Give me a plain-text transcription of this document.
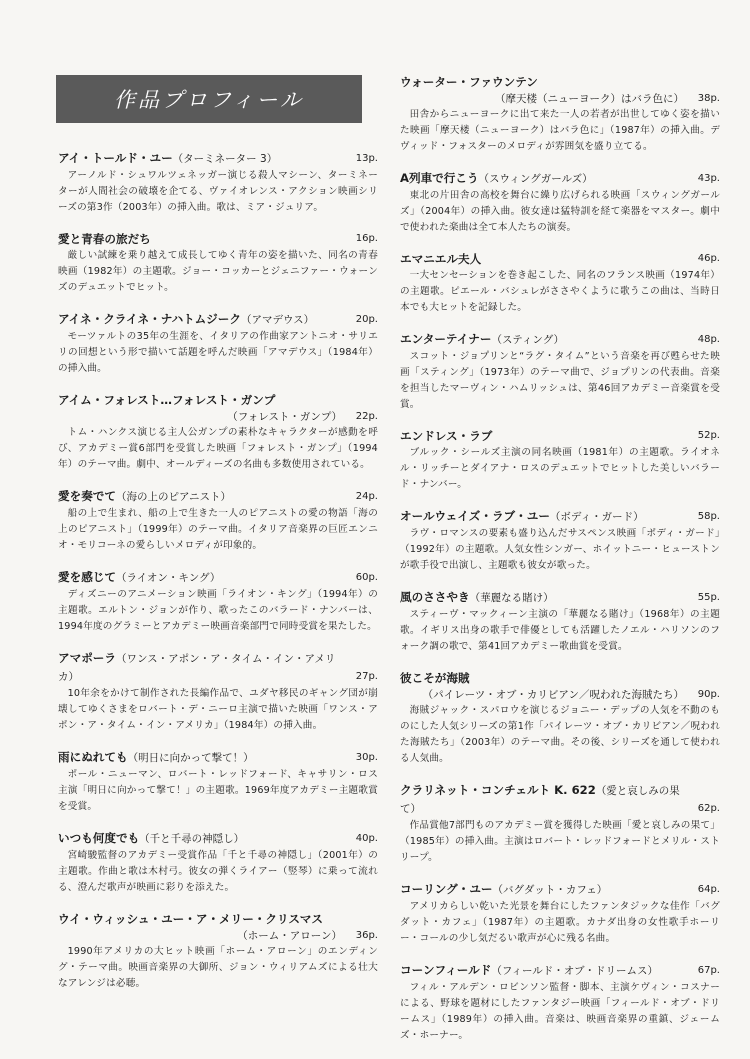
作品プロフィール
アイ・トールド・ユー（ターミネーター 3）	13p.
アーノルド・シュワルツェネッガー演じる殺人マシーン、ターミネーターが人間社会の破壊を企てる、ヴァイオレンス・アクション映画シリーズの第3作（2003年）の挿入曲。歌は、ミア・ジュリア。
愛と青春の旅だち	16p.
厳しい試練を乗り越えて成長してゆく青年の姿を描いた、同名の青春映画（1982年）の主題歌。ジョー・コッカーとジェニファー・ウォーンズのデュエットでヒット。
アイネ・クライネ・ナハトムジーク（アマデウス）	20p.
モーツァルトの35年の生涯を、イタリアの作曲家アントニオ・サリエリの回想という形で描いて話題を呼んだ映画「アマデウス」（1984年）の挿入曲。
アイム・フォレスト…フォレスト・ガンプ
（フォレスト・ガンプ） 22p.
トム・ハンクス演じる主人公ガンプの素朴なキャラクターが感動を呼び、アカデミー賞6部門を受賞した映画「フォレスト・ガンプ」（1994年）のテーマ曲。劇中、オールディーズの名曲も多数使用されている。
愛を奏でて（海の上のピアニスト）	24p.
船の上で生まれ、船の上で生きた一人のピアニストの愛の物語「海の上のピアニスト」（1999年）のテーマ曲。イタリア音楽界の巨匠エンニオ・モリコーネの愛らしいメロディが印象的。
愛を感じて（ライオン・キング）	60p.
ディズニーのアニメーション映画「ライオン・キング」（1994年）の主題歌。エルトン・ジョンが作り、歌ったこのバラード・ナンバーは、1994年度のグラミーとアカデミー映画音楽部門で同時受賞を果たした。
アマポーラ（ワンス・アポン・ア・タイム・イン・アメリカ）	27p.
10年余をかけて制作された長編作品で、ユダヤ移民のギャング団が崩壊してゆくさまをロバート・デ・ニーロ主演で描いた映画「ワンス・アポン・ア・タイム・イン・アメリカ」（1984年）の挿入曲。
雨にぬれても（明日に向かって撃て！）	30p.
ポール・ニューマン、ロバート・レッドフォード、キャサリン・ロス主演「明日に向かって撃て！」の主題歌。1969年度アカデミー主題歌賞を受賞。
いつも何度でも（千と千尋の神隠し）	40p.
宮崎駿監督のアカデミー受賞作品「千と千尋の神隠し」（2001年）の主題歌。作曲と歌は木村弓。彼女の弾くライアー（竪琴）に乗って流れる、澄んだ歌声が映画に彩りを添えた。
ウイ・ウィッシュ・ユー・ア・メリー・クリスマス
（ホーム・アローン） 36p.
1990年アメリカの大ヒット映画「ホーム・アローン」のエンディング・テーマ曲。映画音楽界の大御所、ジョン・ウィリアムズによる壮大なアレンジは必聴。
ウォーター・ファウンテン
（摩天楼（ニューヨーク）はバラ色に） 38p.
田舎からニューヨークに出て来た一人の若者が出世してゆく姿を描いた映画「摩天楼（ニューヨーク）はバラ色に」（1987年）の挿入曲。デヴィッド・フォスターのメロディが雰囲気を盛り立てる。
A列車で行こう（スウィングガールズ）	43p.
東北の片田舎の高校を舞台に繰り広げられる映画「スウィングガールズ」（2004年）の挿入曲。彼女達は猛特訓を経て楽器をマスター。劇中で使われた楽曲は全て本人たちの演奏。
エマニエル夫人	46p.
一大センセーションを巻き起こした、同名のフランス映画（1974年）の主題歌。ピエール・バシュレがささやくように歌うこの曲は、当時日本でも大ヒットを記録した。
エンターテイナー（スティング）	48p.
スコット・ジョプリンと“ラグ・タイム”という音楽を再び甦らせた映画「スティング」（1973年）のテーマ曲で、ジョプリンの代表曲。音楽を担当したマーヴィン・ハムリッシュは、第46回アカデミー音楽賞を受賞。
エンドレス・ラブ	52p.
ブルック・シールズ主演の同名映画（1981年）の主題歌。ライオネル・リッチーとダイアナ・ロスのデュエットでヒットした美しいバラード・ナンバー。
オールウェイズ・ラブ・ユー（ボディ・ガード）	58p.
ラヴ・ロマンスの要素も盛り込んだサスペンス映画「ボディ・ガード」（1992年）の主題歌。人気女性シンガー、ホイットニー・ヒューストンが歌手役で出演し、主題歌も彼女が歌った。
風のささやき（華麗なる賭け）	55p.
スティーヴ・マックィーン主演の「華麗なる賭け」（1968年）の主題歌。イギリス出身の歌手で俳優としても活躍したノエル・ハリソンのフォーク調の歌で、第41回アカデミー歌曲賞を受賞。
彼こそが海賊
（パイレーツ・オブ・カリビアン／呪われた海賊たち） 90p.
海賊ジャック・スパロウを演じるジョニー・デップの人気を不動のものにした人気シリーズの第1作「パイレーツ・オブ・カリビアン／呪われた海賊たち」（2003年）のテーマ曲。その後、シリーズを通して使われる人気曲。
クラリネット・コンチェルト K. 622（愛と哀しみの果て）	62p.
作品賞他7部門ものアカデミー賞を獲得した映画「愛と哀しみの果て」（1985年）の挿入曲。主演はロバート・レッドフォードとメリル・ストリープ。
コーリング・ユー（バグダット・カフェ）	64p.
アメリカらしい乾いた光景を舞台にしたファンタジックな佳作「バグダット・カフェ」（1987年）の主題歌。カナダ出身の女性歌手ホーリー・コールの少し気だるい歌声が心に残る名曲。
コーンフィールド（フィールド・オブ・ドリームス）	67p.
フィル・アルデン・ロビンソン監督・脚本、主演ケヴィン・コスナーによる、野球を題材にしたファンタジー映画「フィールド・オブ・ドリームス」（1989年）の挿入曲。音楽は、映画音楽界の重鎮、ジェームズ・ホーナー。
